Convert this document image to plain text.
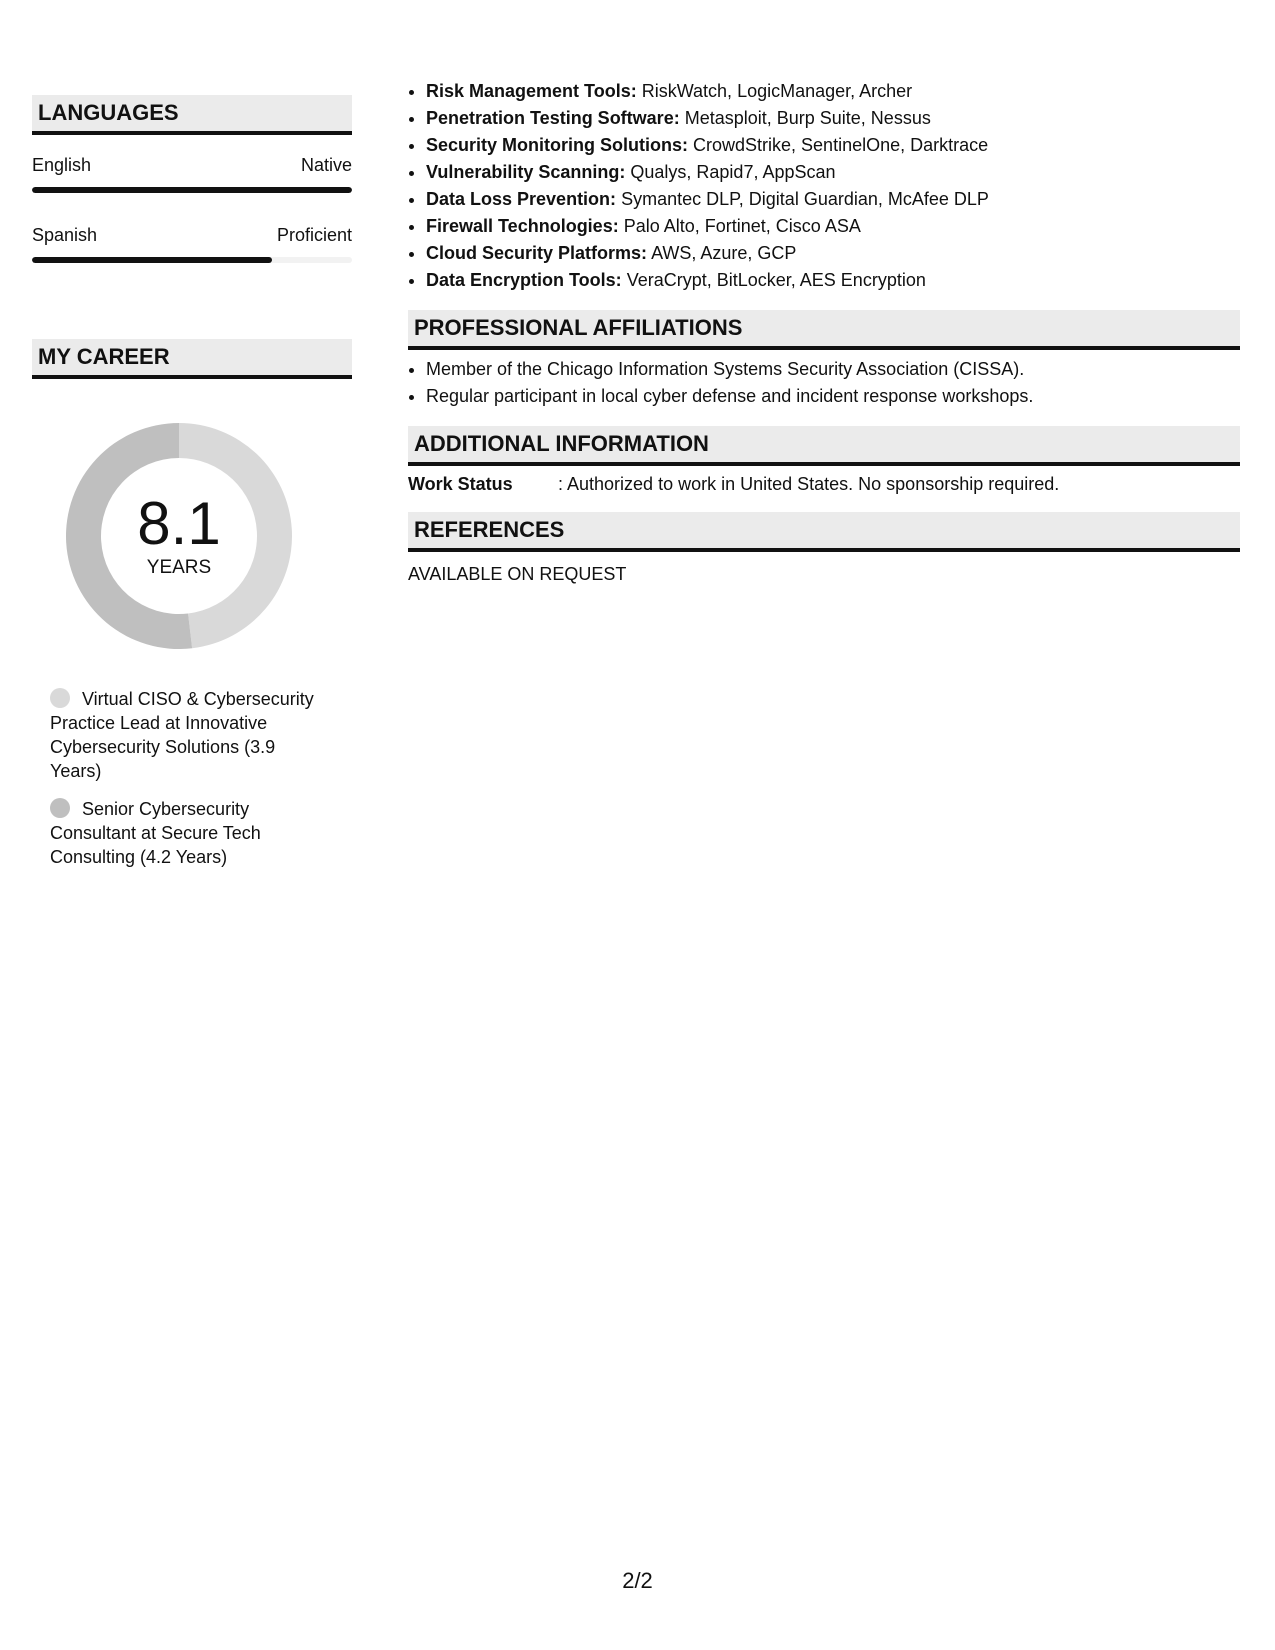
LANGUAGES
English	Native
Spanish	Proficient
MY CAREER
8.1
YEARS
Virtual CISO & Cybersecurity Practice Lead at Innovative Cybersecurity Solutions (3.9 Years)
Senior Cybersecurity Consultant at Secure Tech Consulting (4.2 Years)
• Risk Management Tools: RiskWatch, LogicManager, Archer
• Penetration Testing Software: Metasploit, Burp Suite, Nessus
• Security Monitoring Solutions: CrowdStrike, SentinelOne, Darktrace
• Vulnerability Scanning: Qualys, Rapid7, AppScan
• Data Loss Prevention: Symantec DLP, Digital Guardian, McAfee DLP
• Firewall Technologies: Palo Alto, Fortinet, Cisco ASA
• Cloud Security Platforms: AWS, Azure, GCP
• Data Encryption Tools: VeraCrypt, BitLocker, AES Encryption
PROFESSIONAL AFFILIATIONS
• Member of the Chicago Information Systems Security Association (CISSA).
• Regular participant in local cyber defense and incident response workshops.
ADDITIONAL INFORMATION
Work Status	: Authorized to work in United States. No sponsorship required.
REFERENCES
AVAILABLE ON REQUEST
2/2
